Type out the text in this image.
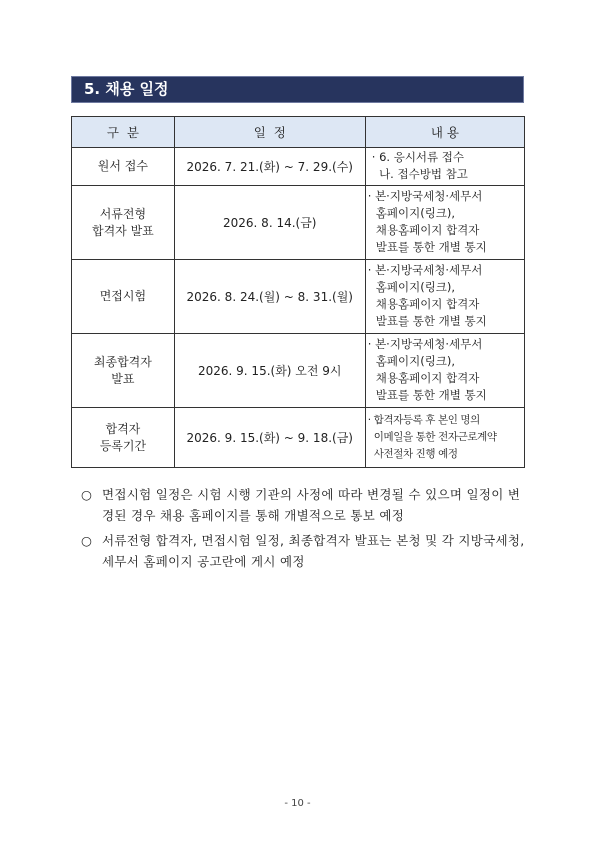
5. 채용 일정
구  분	일  정	내 용

원서 접수	2026. 7. 21.(화) ~ 7. 29.(수)	· 6. 응시서류 접수
나. 접수방법 참고

서류전형
합격자 발표	2026. 8. 14.(금)	· 본·지방국세청·세무서
홈페이지(링크),
채용홈페이지 합격자
발표를 통한 개별 통지

면접시험	2026. 8. 24.(월) ~ 8. 31.(월)	· 본·지방국세청·세무서
홈페이지(링크),
채용홈페이지 합격자
발표를 통한 개별 통지

최종합격자
발표	2026. 9. 15.(화) 오전 9시	· 본·지방국세청·세무서
홈페이지(링크),
채용홈페이지 합격자
발표를 통한 개별 통지

합격자
등록기간	2026. 9. 15.(화) ~ 9. 18.(금)	· 합격자등록 후 본인 명의
이메일을 통한 전자근로계약
사전절차 진행 예정
○ 면접시험 일정은 시험 시행 기관의 사정에 따라 변경될 수 있으며 일정이 변경된 경우 채용 홈페이지를 통해 개별적으로 통보 예정
○ 서류전형 합격자, 면접시험 일정, 최종합격자 발표는 본청 및 각 지방국세청, 세무서 홈페이지 공고란에 게시 예정
- 10 -
